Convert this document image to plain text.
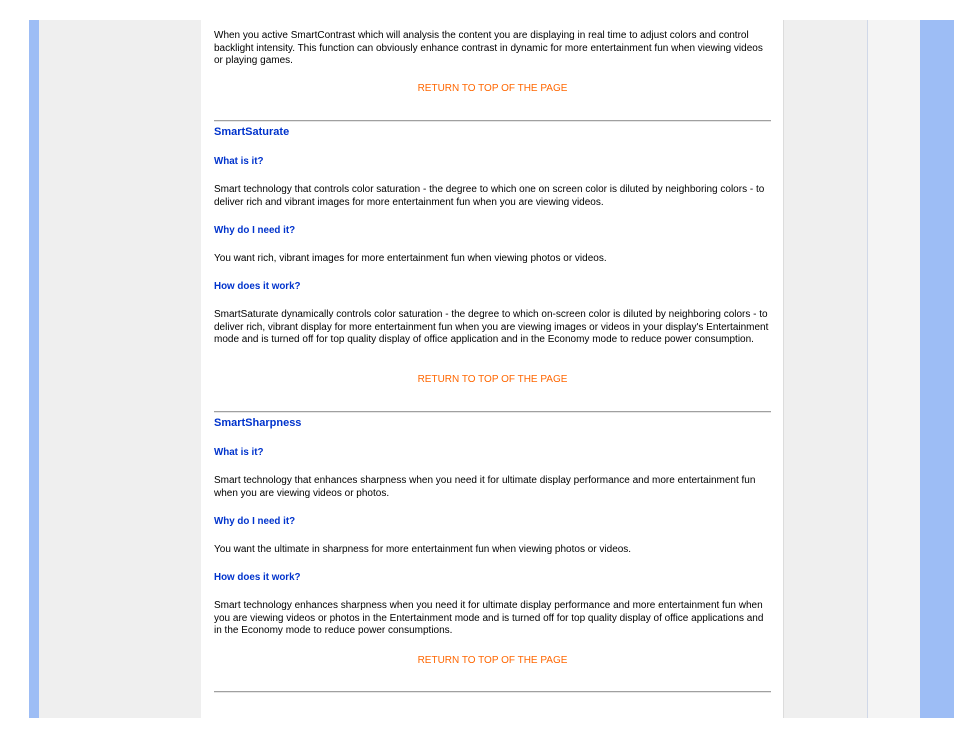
When you active SmartContrast which will analysis the content you are displaying in real time to adjust colors and control backlight intensity. This function can obviously enhance contrast in dynamic for more entertainment fun when viewing videos or playing games.

RETURN TO TOP OF THE PAGE
SmartSaturate
What is it?

Smart technology that controls color saturation - the degree to which one on screen color is diluted by neighboring colors - to deliver rich and vibrant images for more entertainment fun when you are viewing videos.

Why do I need it?

You want rich, vibrant images for more entertainment fun when viewing photos or videos.

How does it work?

SmartSaturate dynamically controls color saturation - the degree to which on-screen color is diluted by neighboring colors - to deliver rich, vibrant display for more entertainment fun when you are viewing images or videos in your display's Entertainment mode and is turned off for top quality display of office application and in the Economy mode to reduce power consumption.

RETURN TO TOP OF THE PAGE
SmartSharpness
What is it?

Smart technology that enhances sharpness when you need it for ultimate display performance and more entertainment fun when you are viewing videos or photos.

Why do I need it?

You want the ultimate in sharpness for more entertainment fun when viewing photos or videos.

How does it work?

Smart technology enhances sharpness when you need it for ultimate display performance and more entertainment fun when you are viewing videos or photos in the Entertainment mode and is turned off for top quality display of office applications and in the Economy mode to reduce power consumptions.

RETURN TO TOP OF THE PAGE
